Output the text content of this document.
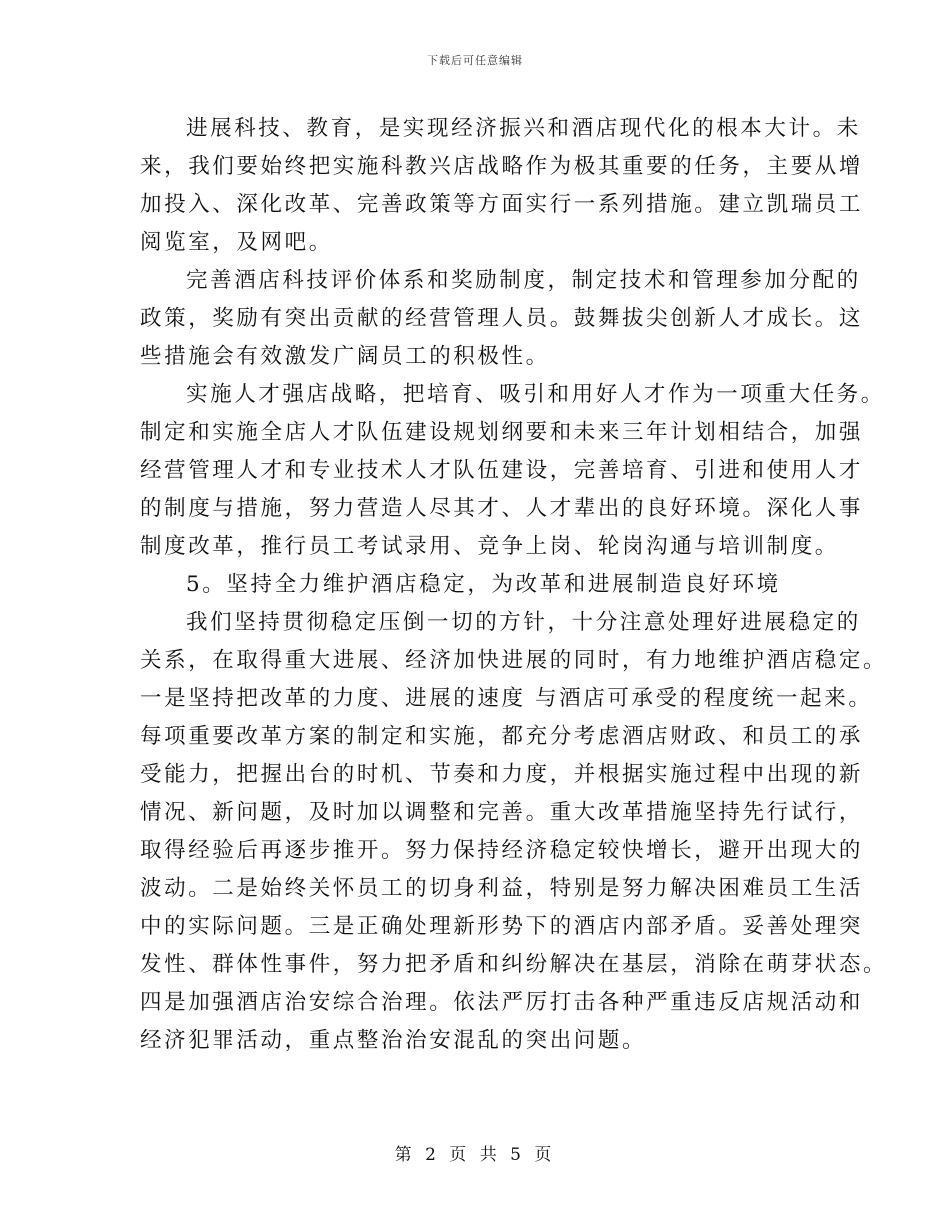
下载后可任意编辑
进展科技、教育，是实现经济振兴和酒店现代化的根本大计。未
来，我们要始终把实施科教兴店战略作为极其重要的任务，主要从增
加投入、深化改革、完善政策等方面实行一系列措施。建立凯瑞员工
阅览室，及网吧。
完善酒店科技评价体系和奖励制度，制定技术和管理参加分配的
政策，奖励有突出贡献的经营管理人员。鼓舞拔尖创新人才成长。这
些措施会有效激发广阔员工的积极性。
实施人才强店战略，把培育、吸引和用好人才作为一项重大任务。
制定和实施全店人才队伍建设规划纲要和未来三年计划相结合，加强
经营管理人才和专业技术人才队伍建设，完善培育、引进和使用人才
的制度与措施，努力营造人尽其才、人才辈出的良好环境。深化人事
制度改革，推行员工考试录用、竞争上岗、轮岗沟通与培训制度。
5。坚持全力维护酒店稳定，为改革和进展制造良好环境
我们坚持贯彻稳定压倒一切的方针，十分注意处理好进展稳定的
关系，在取得重大进展、经济加快进展的同时，有力地维护酒店稳定。
一是坚持把改革的力度、进展的速度 与酒店可承受的程度统一起来。
每项重要改革方案的制定和实施，都充分考虑酒店财政、和员工的承
受能力，把握出台的时机、节奏和力度，并根据实施过程中出现的新
情况、新问题，及时加以调整和完善。重大改革措施坚持先行试行，
取得经验后再逐步推开。努力保持经济稳定较快增长，避开出现大的
波动。二是始终关怀员工的切身利益，特别是努力解决困难员工生活
中的实际问题。三是正确处理新形势下的酒店内部矛盾。妥善处理突
发性、群体性事件，努力把矛盾和纠纷解决在基层，消除在萌芽状态。
四是加强酒店治安综合治理。依法严厉打击各种严重违反店规活动和
经济犯罪活动，重点整治治安混乱的突出问题。
第 2 页 共 5 页
